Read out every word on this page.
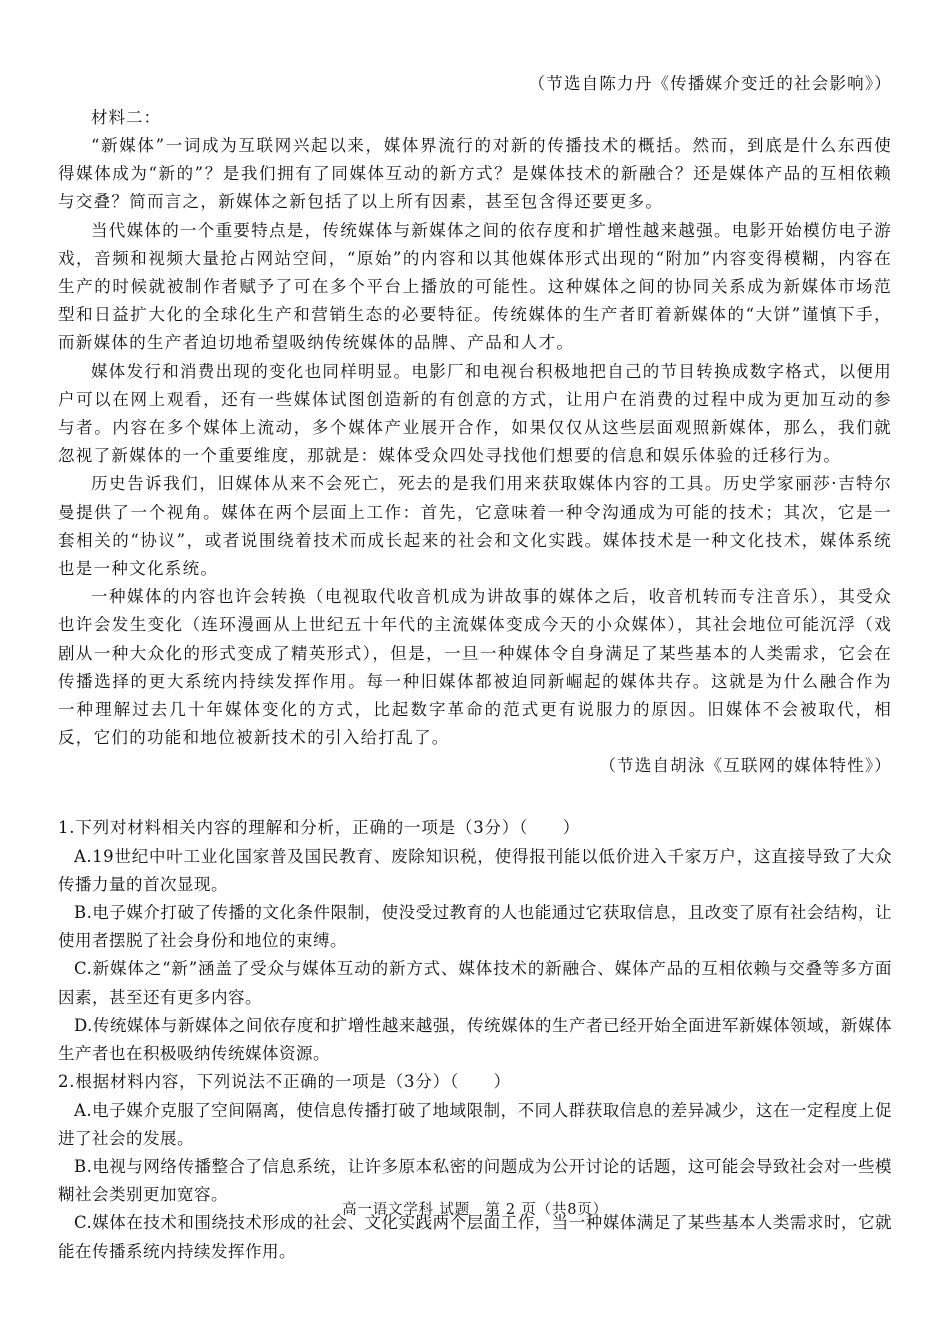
（节选自陈力丹《传播媒介变迁的社会影响》）

材料二：

“新媒体”一词成为互联网兴起以来，媒体界流行的对新的传播技术的概括。然而，到底是什么东西使得媒体成为“新的”？是我们拥有了同媒体互动的新方式？是媒体技术的新融合？还是媒体产品的互相依赖与交叠？简而言之，新媒体之新包括了以上所有因素，甚至包含得还要更多。

当代媒体的一个重要特点是，传统媒体与新媒体之间的依存度和扩增性越来越强。电影开始模仿电子游戏，音频和视频大量抢占网站空间，“原始”的内容和以其他媒体形式出现的“附加”内容变得模糊，内容在生产的时候就被制作者赋予了可在多个平台上播放的可能性。这种媒体之间的协同关系成为新媒体市场范型和日益扩大化的全球化生产和营销生态的必要特征。传统媒体的生产者盯着新媒体的“大饼”谨慎下手，而新媒体的生产者迫切地希望吸纳传统媒体的品牌、产品和人才。

媒体发行和消费出现的变化也同样明显。电影厂和电视台积极地把自己的节目转换成数字格式，以便用户可以在网上观看，还有一些媒体试图创造新的有创意的方式，让用户在消费的过程中成为更加互动的参与者。内容在多个媒体上流动，多个媒体产业展开合作，如果仅仅从这些层面观照新媒体，那么，我们就忽视了新媒体的一个重要维度，那就是：媒体受众四处寻找他们想要的信息和娱乐体验的迁移行为。

历史告诉我们，旧媒体从来不会死亡，死去的是我们用来获取媒体内容的工具。历史学家丽莎·吉特尔曼提供了一个视角。媒体在两个层面上工作：首先，它意味着一种令沟通成为可能的技术；其次，它是一套相关的“协议”，或者说围绕着技术而成长起来的社会和文化实践。媒体技术是一种文化技术，媒体系统也是一种文化系统。

一种媒体的内容也许会转换（电视取代收音机成为讲故事的媒体之后，收音机转而专注音乐），其受众也许会发生变化（连环漫画从上世纪五十年代的主流媒体变成今天的小众媒体），其社会地位可能沉浮（戏剧从一种大众化的形式变成了精英形式），但是，一旦一种媒体令自身满足了某些基本的人类需求，它会在传播选择的更大系统内持续发挥作用。每一种旧媒体都被迫同新崛起的媒体共存。这就是为什么融合作为一种理解过去几十年媒体变化的方式，比起数字革命的范式更有说服力的原因。旧媒体不会被取代，相反，它们的功能和地位被新技术的引入给打乱了。

（节选自胡泳《互联网的媒体特性》）

1.下列对材料相关内容的理解和分析，正确的一项是（3分）（　　）

A.19世纪中叶工业化国家普及国民教育、废除知识税，使得报刊能以低价进入千家万户，这直接导致了大众传播力量的首次显现。

B.电子媒介打破了传播的文化条件限制，使没受过教育的人也能通过它获取信息，且改变了原有社会结构，让使用者摆脱了社会身份和地位的束缚。

C.新媒体之“新”涵盖了受众与媒体互动的新方式、媒体技术的新融合、媒体产品的互相依赖与交叠等多方面因素，甚至还有更多内容。

D.传统媒体与新媒体之间依存度和扩增性越来越强，传统媒体的生产者已经开始全面进军新媒体领域，新媒体生产者也在积极吸纳传统媒体资源。

2.根据材料内容，下列说法不正确的一项是（3分）（　　）

A.电子媒介克服了空间隔离，使信息传播打破了地域限制，不同人群获取信息的差异减少，这在一定程度上促进了社会的发展。

B.电视与网络传播整合了信息系统，让许多原本私密的问题成为公开讨论的话题，这可能会导致社会对一些模糊社会类别更加宽容。

C.媒体在技术和围绕技术形成的社会、文化实践两个层面工作，当一种媒体满足了某些基本人类需求时，它就能在传播系统内持续发挥作用。

高一语文学科 试题　第 2 页（共8页）
